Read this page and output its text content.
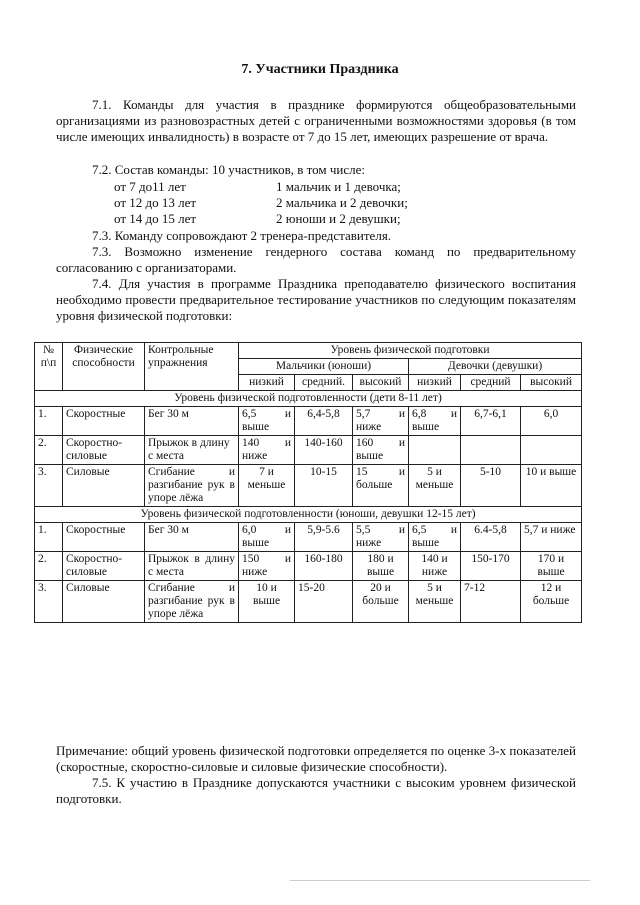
7. Участники Праздника
7.1. Команды для участия в празднике формируются общеобразовательными организациями из разновозрастных детей с ограниченными возможностями здоровья (в том числе имеющих инвалидность) в возрасте от 7 до 15 лет, имеющих разрешение от врача.
7.2. Состав команды: 10 участников, в том числе:
от 7 до11 лет	1 мальчик и 1 девочка;
от 12 до 13 лет	2 мальчика и 2 девочки;
от 14 до 15 лет	2 юноши и 2 девушки;
7.3. Команду сопровождают 2 тренера-представителя.
7.3. Возможно изменение гендерного состава команд по предварительному согласованию с организаторами.
7.4. Для участия в программе Праздника преподавателю физического воспитания необходимо провести предварительное тестирование участников по следующим показателям уровня физической подготовки:
№ п\п	Физические способности	Контрольные упражнения	Уровень физической подготовки					
			Мальчики (юноши)			Девочки (девушки)		
			низкий	средний.	высокий	низкий	средний	высокий
Уровень физической подготовленности (дети 8-11 лет)								
1.	Скоростные	Бег 30 м	6,5 и выше	6,4-5,8	5,7 и ниже	6,8 и выше	6,7-6,1	6,0
2.	Скоростно-силовые	Прыжок в длину с места	140 и ниже	140-160	160 и выше			
3.	Силовые	Сгибание и разгибание рук в упоре лёжа	7 и меньше	10-15	15 и больше	5 и меньше	5-10	10 и выше
Уровень физической подготовленности (юноши, девушки 12-15 лет)								
1.	Скоростные	Бег 30 м	6,0 и выше	5,9-5.6	5,5 и ниже	6,5 и выше	6.4-5,8	5,7 и ниже
2.	Скоростно-силовые	Прыжок в длину с места	150 и ниже	160-180	180 и выше	140 и ниже	150-170	170 и выше
3.	Силовые	Сгибание и разгибание рук в упоре лёжа	10 и выше	15-20	20 и больше	5 и меньше	7-12	12 и больше
Примечание: общий уровень физической подготовки определяется по оценке 3-х показателей (скоростные, скоростно-силовые и силовые физические способности).
7.5. К участию в Празднике допускаются участники с высоким уровнем физической подготовки.
